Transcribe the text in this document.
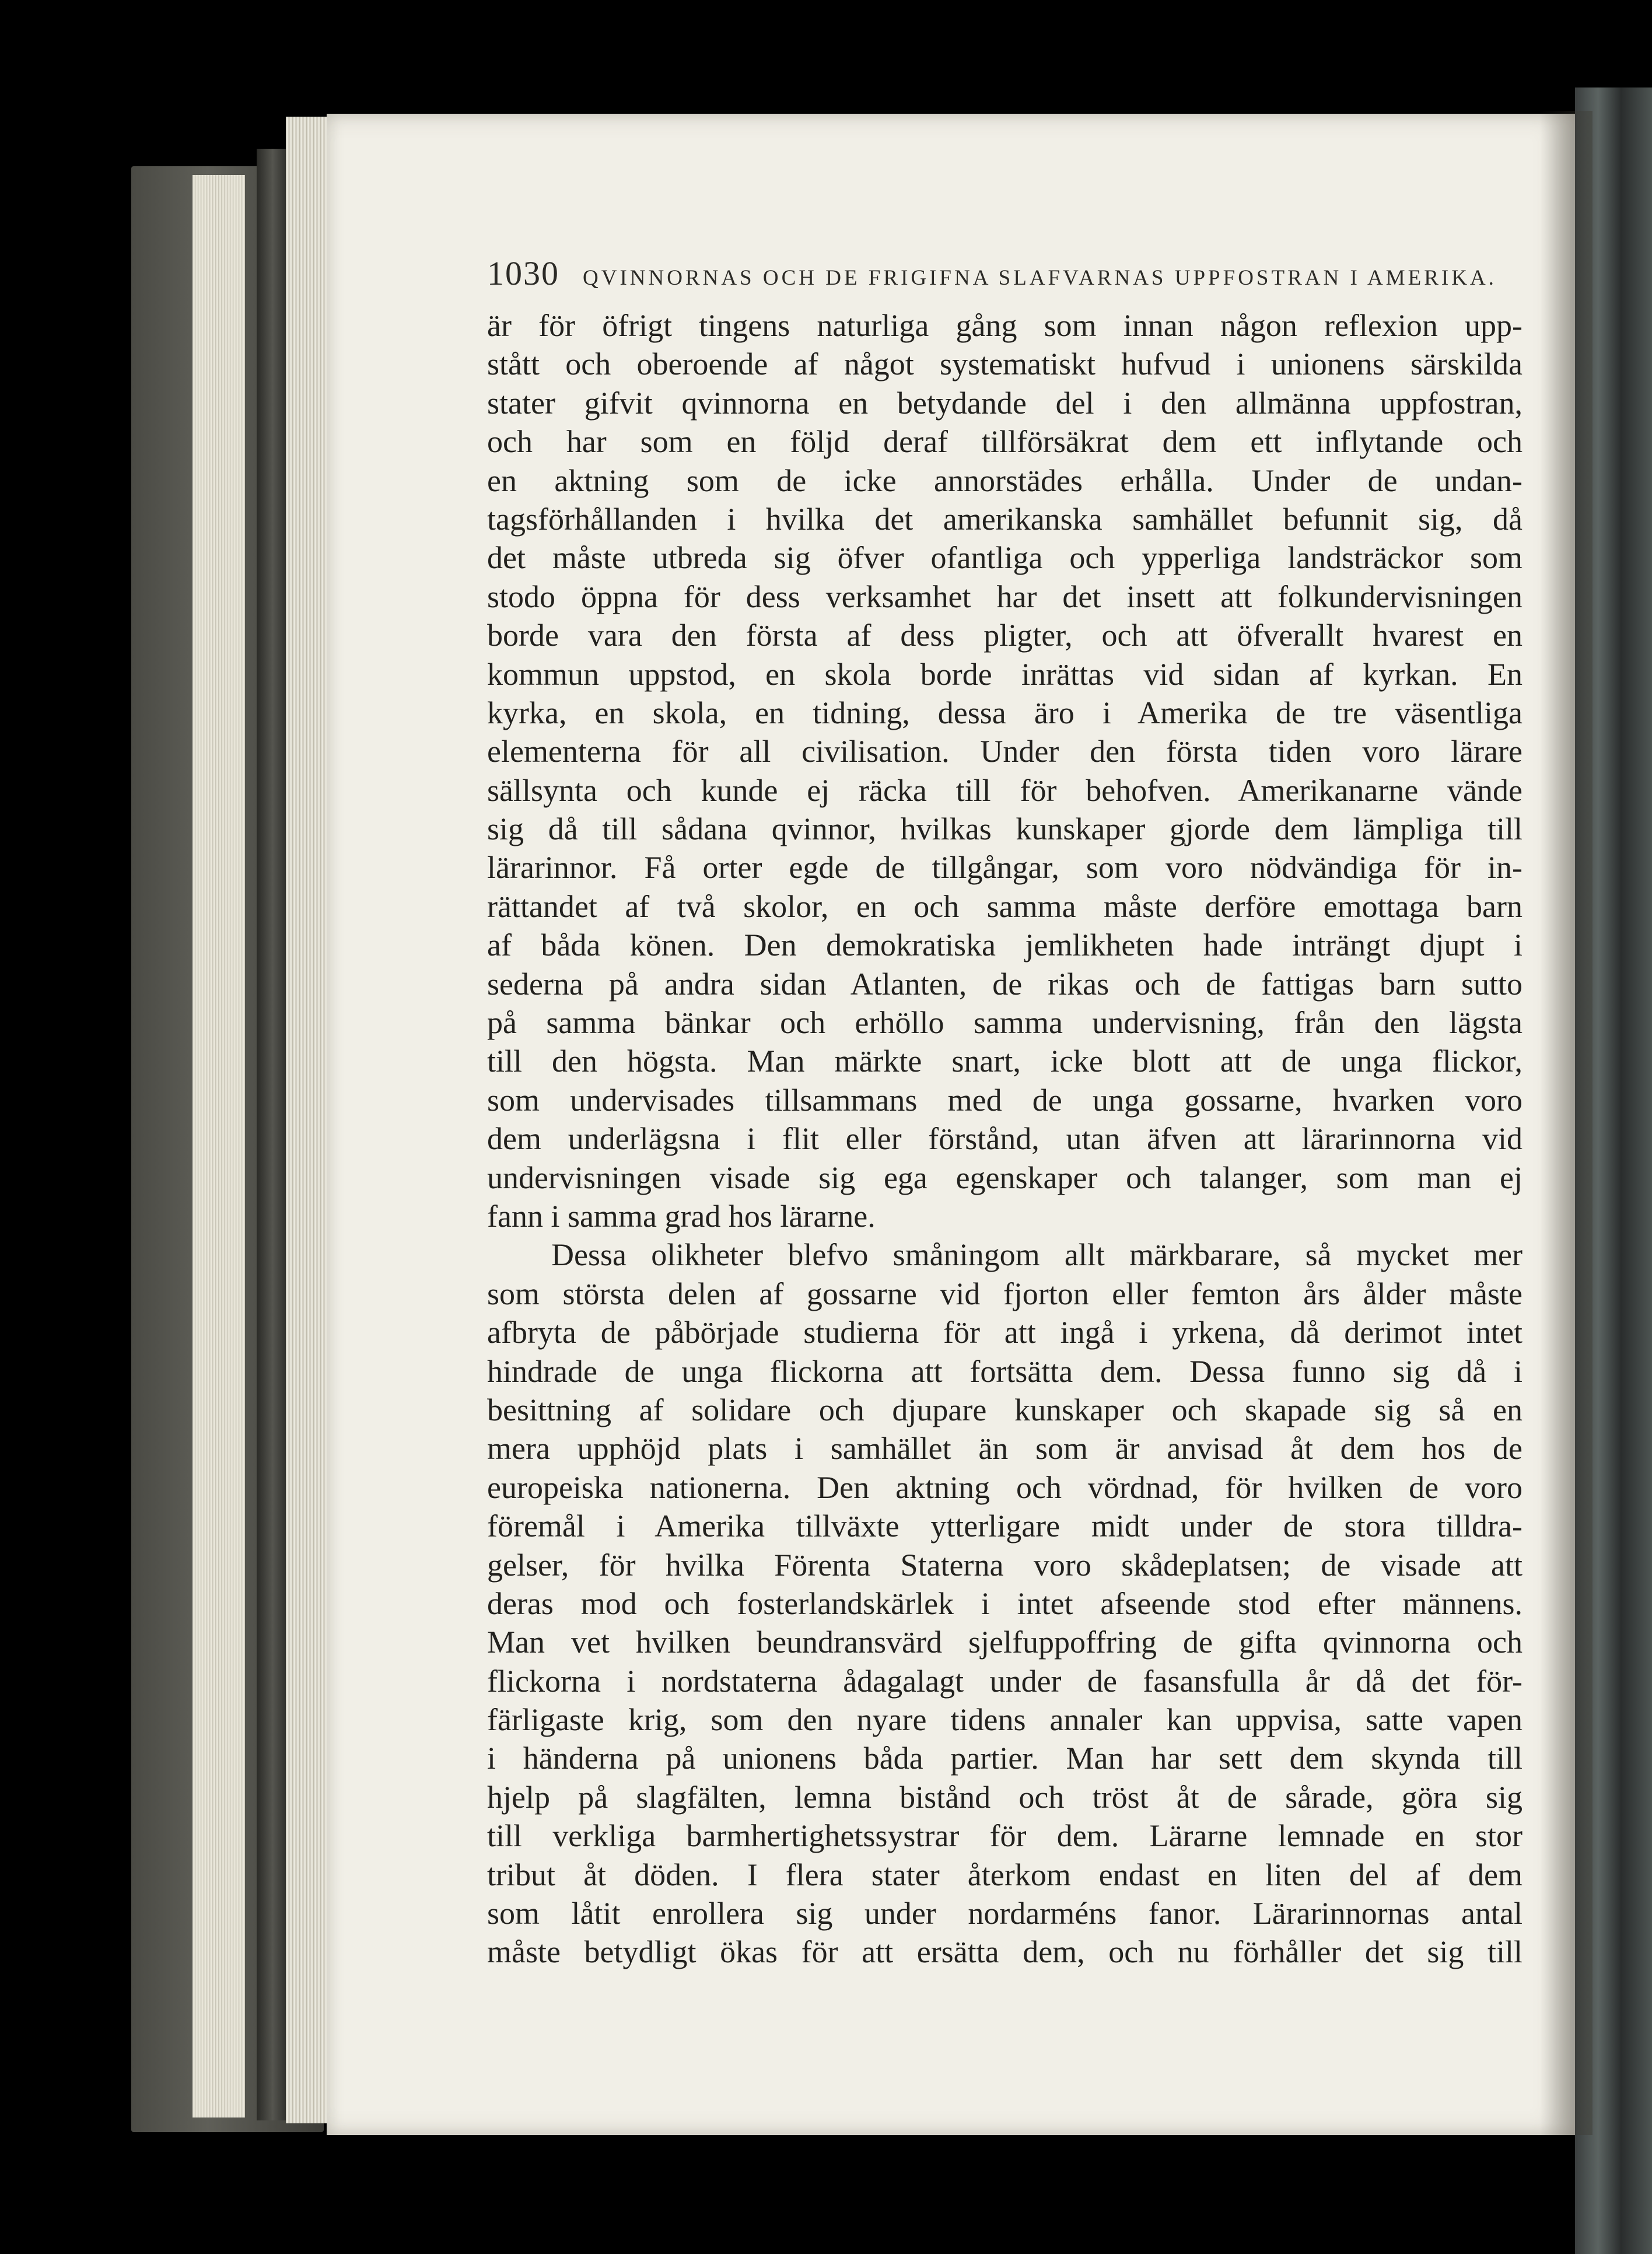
1030 QVINNORNAS OCH DE FRIGIFNA SLAFVARNAS UPPFOSTRAN I AMERIKA.
är för öfrigt tingens naturliga gång som innan någon reflexion upp-
stått och oberoende af något systematiskt hufvud i unionens särskilda
stater gifvit qvinnorna en betydande del i den allmänna uppfostran,
och har som en följd deraf tillförsäkrat dem ett inflytande och
en aktning som de icke annorstädes erhålla. Under de undan-
tagsförhållanden i hvilka det amerikanska samhället befunnit sig, då
det måste utbreda sig öfver ofantliga och ypperliga landsträckor som
stodo öppna för dess verksamhet har det insett att folkundervisningen
borde vara den första af dess pligter, och att öfverallt hvarest en
kommun uppstod, en skola borde inrättas vid sidan af kyrkan. En
kyrka, en skola, en tidning, dessa äro i Amerika de tre väsentliga
elementerna för all civilisation. Under den första tiden voro lärare
sällsynta och kunde ej räcka till för behofven. Amerikanarne vände
sig då till sådana qvinnor, hvilkas kunskaper gjorde dem lämpliga till
lärarinnor. Få orter egde de tillgångar, som voro nödvändiga för in-
rättandet af två skolor, en och samma måste derföre emottaga barn
af båda könen. Den demokratiska jemlikheten hade inträngt djupt i
sederna på andra sidan Atlanten, de rikas och de fattigas barn sutto
på samma bänkar och erhöllo samma undervisning, från den lägsta
till den högsta. Man märkte snart, icke blott att de unga flickor,
som undervisades tillsammans med de unga gossarne, hvarken voro
dem underlägsna i flit eller förstånd, utan äfven att lärarinnorna vid
undervisningen visade sig ega egenskaper och talanger, som man ej
fann i samma grad hos lärarne.
Dessa olikheter blefvo småningom allt märkbarare, så mycket mer
som största delen af gossarne vid fjorton eller femton års ålder måste
afbryta de påbörjade studierna för att ingå i yrkena, då derimot intet
hindrade de unga flickorna att fortsätta dem. Dessa funno sig då i
besittning af solidare och djupare kunskaper och skapade sig så en
mera upphöjd plats i samhället än som är anvisad åt dem hos de
europeiska nationerna. Den aktning och vördnad, för hvilken de voro
föremål i Amerika tillväxte ytterligare midt under de stora tilldra-
gelser, för hvilka Förenta Staterna voro skådeplatsen; de visade att
deras mod och fosterlandskärlek i intet afseende stod efter männens.
Man vet hvilken beundransvärd sjelfuppoffring de gifta qvinnorna och
flickorna i nordstaterna ådagalagt under de fasansfulla år då det för-
färligaste krig, som den nyare tidens annaler kan uppvisa, satte vapen
i händerna på unionens båda partier. Man har sett dem skynda till
hjelp på slagfälten, lemna bistånd och tröst åt de sårade, göra sig
till verkliga barmhertighetssystrar för dem. Lärarne lemnade en stor
tribut åt döden. I flera stater återkom endast en liten del af dem
som låtit enrollera sig under nordarméns fanor. Lärarinnornas antal
måste betydligt ökas för att ersätta dem, och nu förhåller det sig till
